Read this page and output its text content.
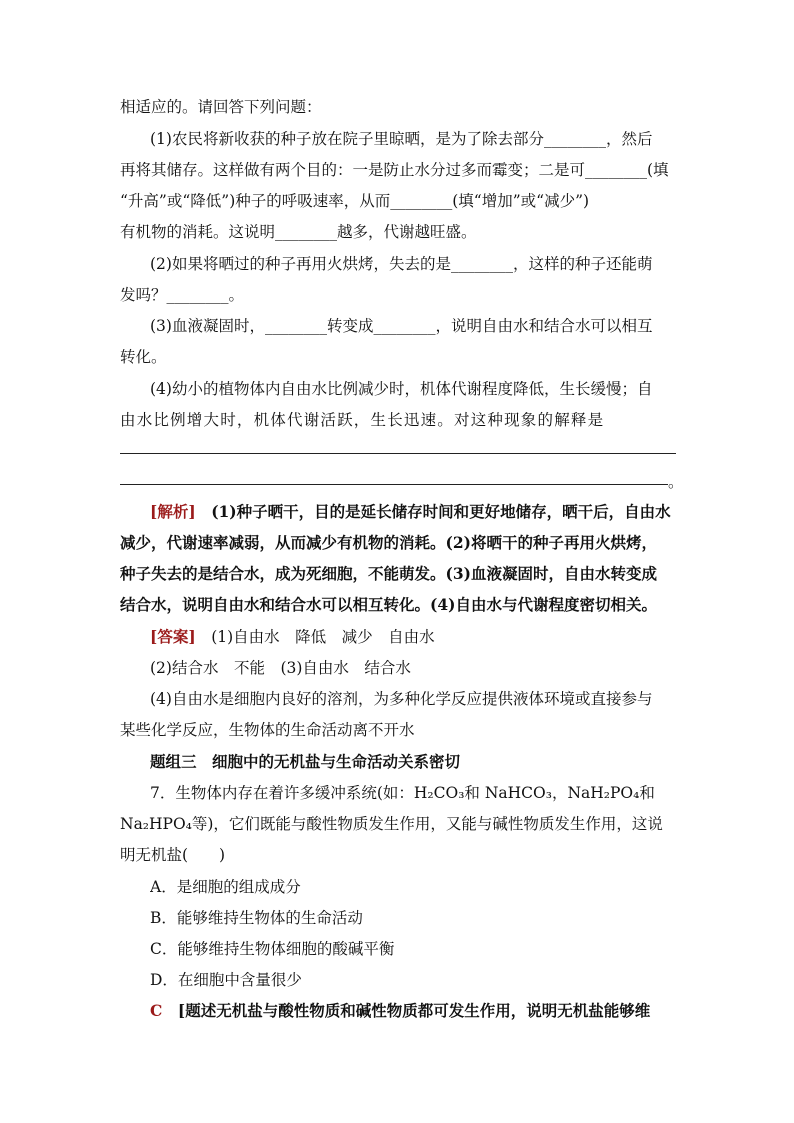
相适应的。请回答下列问题：
(1)农民将新收获的种子放在院子里晾晒，是为了除去部分________，然后
再将其储存。这样做有两个目的：一是防止水分过多而霉变；二是可________(填
“升高”或“降低”)种子的呼吸速率，从而________(填“增加”或“减少”)
有机物的消耗。这说明________越多，代谢越旺盛。
(2)如果将晒过的种子再用火烘烤，失去的是________，这样的种子还能萌
发吗？________。
(3)血液凝固时，________转变成________，说明自由水和结合水可以相互
转化。
(4)幼小的植物体内自由水比例减少时，机体代谢程度降低，生长缓慢；自
由水比例增大时，机体代谢活跃，生长迅速。对这种现象的解释是
。
[解析]　 (1)种子晒干，目的是延长储存时间和更好地储存，晒干后，自由水
减少，代谢速率减弱，从而减少有机物的消耗。(2)将晒干的种子再用火烘烤，
种子失去的是结合水，成为死细胞，不能萌发。(3)血液凝固时，自由水转变成
结合水，说明自由水和结合水可以相互转化。(4)自由水与代谢程度密切相关。
[答案]　 (1)自由水　降低　减少　自由水
(2)结合水　不能　(3)自由水　结合水
(4)自由水是细胞内良好的溶剂，为多种化学反应提供液体环境或直接参与
某些化学反应，生物体的生命活动离不开水
题组三　细胞中的无机盐与生命活动关系密切
7．生物体内存在着许多缓冲系统(如：H₂CO₃和 NaHCO₃，NaH₂PO₄和
Na₂HPO₄等)，它们既能与酸性物质发生作用，又能与碱性物质发生作用，这说
明无机盐(　　)
A．是细胞的组成成分
B．能够维持生物体的生命活动
C．能够维持生物体细胞的酸碱平衡
D．在细胞中含量很少
C　 [题述无机盐与酸性物质和碱性物质都可发生作用，说明无机盐能够维
